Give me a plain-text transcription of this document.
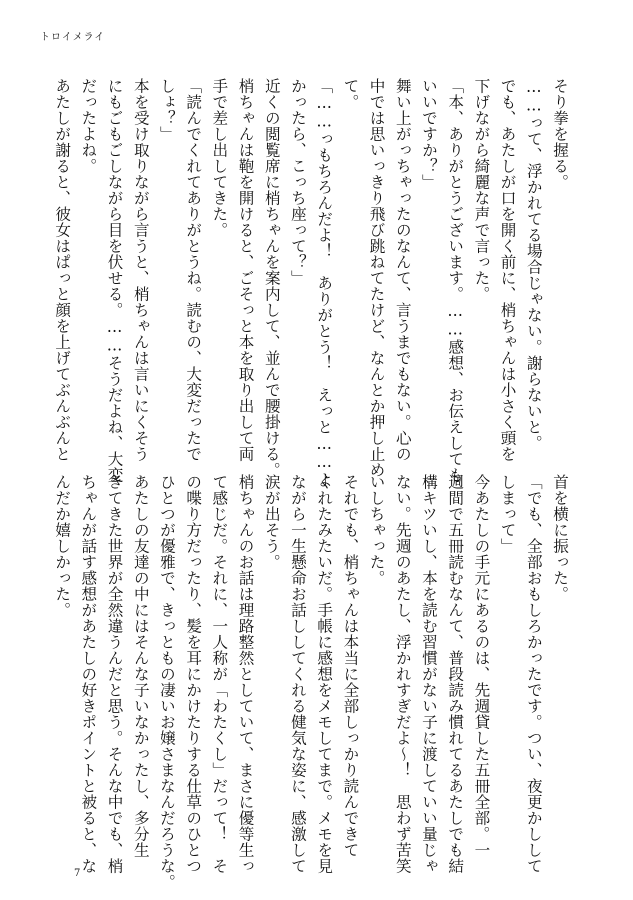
トロイメライ
そり拳を握る。
……って、浮かれてる場合じゃない。謝らないと。
でも、あたしが口を開く前に、梢ちゃんは小さく頭を
下げながら綺麗な声で言った。
「本、ありがとうございます。……感想、お伝えしても
いいですか？」
舞い上がっちゃったのなんて、言うまでもない。心の
中では思いっきり飛び跳ねてたけど、なんとか押し止め
て。
「……っもちろんだよ！　ありがとう！　えっと……よ
かったら、こっち座って？」
近くの閲覧席に梢ちゃんを案内して、並んで腰掛ける。
梢ちゃんは鞄を開けると、ごそっと本を取り出して両
手で差し出してきた。
「読んでくれてありがとうね。読むの、大変だったで
しょ？」
本を受け取りながら言うと、梢ちゃんは言いにくそう
にもごもごしながら目を伏せる。……そうだよね、大変
だったよね。
あたしが謝ると、彼女はぱっと顔を上げてぶんぶんと
首を横に振った。
「でも、全部おもしろかったです。つい、夜更かしして
しまって」
今あたしの手元にあるのは、先週貸した五冊全部。一
週間で五冊読むなんて、普段読み慣れてるあたしでも結
構キツいし、本を読む習慣がない子に渡していい量じゃ
ない。先週のあたし、浮かれすぎだよ〜！　思わず苦笑
いしちゃった。
それでも、梢ちゃんは本当に全部しっかり読んできて
くれたみたいだ。手帳に感想をメモしてまで。メモを見
ながら一生懸命お話ししてくれる健気な姿に、感激して
涙が出そう。
梢ちゃんのお話は理路整然としていて、まさに優等生っ
て感じだ。それに、一人称が「わたくし」だって！　そ
の喋り方だったり、髪を耳にかけたりする仕草のひとつ
ひとつが優雅で、きっともの凄いお嬢さまなんだろうな。
あたしの友達の中にはそんな子いなかったし、多分生
きてきた世界が全然違うんだと思う。そんな中でも、梢
ちゃんが話す感想があたしの好きポイントと被ると、な
んだか嬉しかった。
7
